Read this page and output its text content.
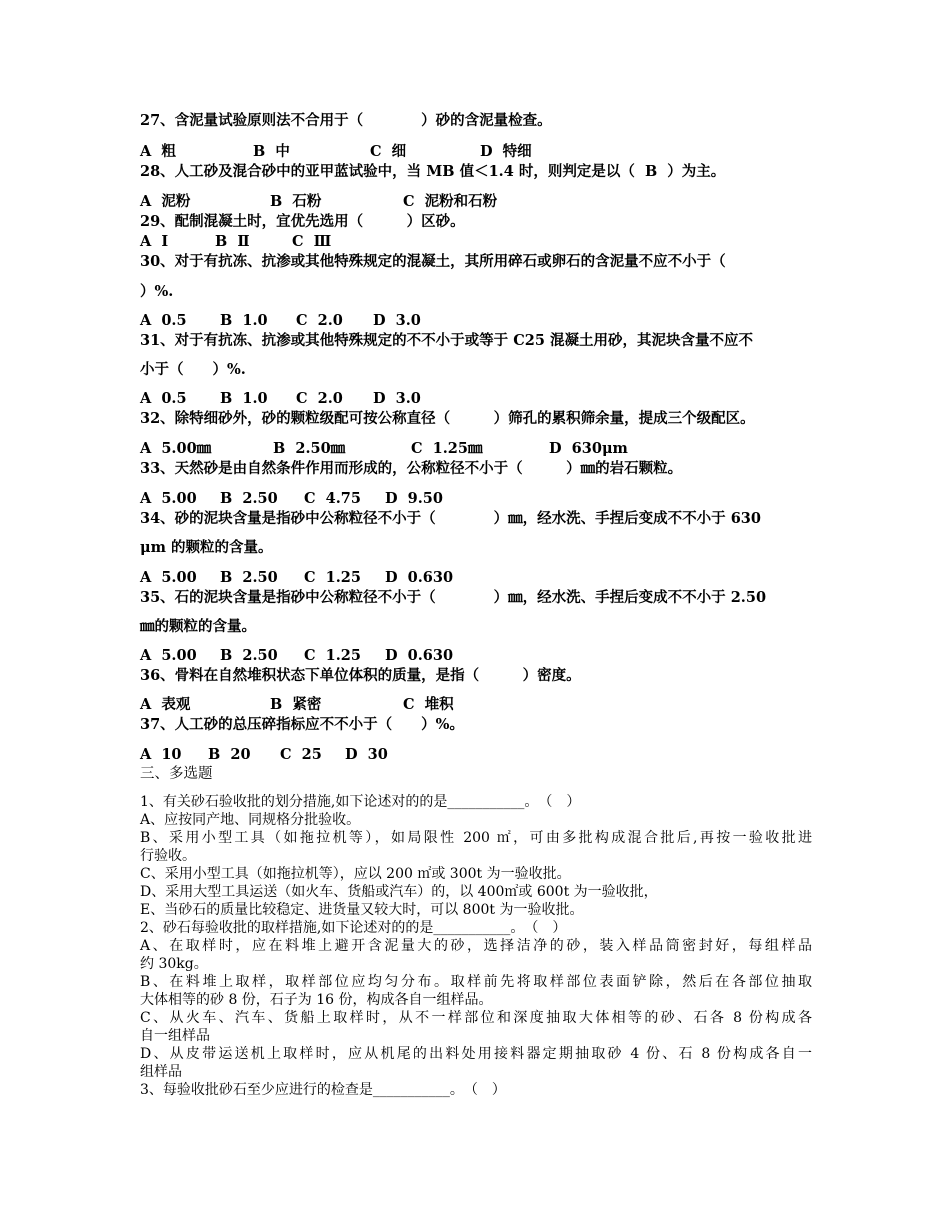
27、含泥量试验原则法不合用于（　　　　）砂的含泥量检查。
A  粗	B  中	C  细	D  特细
28、人工砂及混合砂中的亚甲蓝试验中，当 MB 值＜1.4 时，则判定是以（  B  ）为主。
A  泥粉	B  石粉	C  泥粉和石粉
29、配制混凝土时，宜优先选用（　　　）区砂。
A  Ⅰ	B  Ⅱ	C  Ⅲ
30、对于有抗冻、抗渗或其他特殊规定的混凝土，其所用碎石或卵石的含泥量不应不小于（
）%.
A  0.5	B  1.0	C  2.0	D  3.0
31、对于有抗冻、抗渗或其他特殊规定的不不小于或等于 C25 混凝土用砂，其泥块含量不应不
小于（　　）%.
A  0.5	B  1.0	C  2.0	D  3.0
32、除特细砂外，砂的颗粒级配可按公称直径（　　　）筛孔的累积筛余量，提成三个级配区。
A  5.00㎜	B  2.50㎜	C  1.25㎜	D  630μm
33、天然砂是由自然条件作用而形成的，公称粒径不小于（　　　）㎜的岩石颗粒。
A  5.00	B  2.50	C  4.75	D  9.50
34、砂的泥块含量是指砂中公称粒径不小于（　　　　）㎜，经水洗、手捏后变成不不小于 630
μm 的颗粒的含量。
A  5.00	B  2.50	C  1.25	D  0.630
35、石的泥块含量是指砂中公称粒径不小于（　　　　）㎜，经水洗、手捏后变成不不小于 2.50
㎜的颗粒的含量。
A  5.00	B  2.50	C  1.25	D  0.630
36、骨料在自然堆积状态下单位体积的质量，是指（　　　）密度。
A  表观	B  紧密	C  堆积
37、人工砂的总压碎指标应不不小于（　　）%。
A  10	B  20	C  25	D  30
三、多选题
1、有关砂石验收批的划分措施,如下论述对的的是___________。　（　）
A、应按同产地、同规格分批验收。
B、采用小型工具（如拖拉机等），如局限性 200 ㎡，可由多批构成混合批后,再按一验收批进
行验收。
C、采用小型工具（如拖拉机等），应以 200 ㎡或 300t 为一验收批。
D、采用大型工具运送（如火车、货船或汽车）的，以 400㎡或 600t 为一验收批，
E、当砂石的质量比较稳定、进货量又较大时，可以 800t 为一验收批。
2、砂石每验收批的取样措施,如下论述对的的是___________。　（　）
A、在取样时，应在料堆上避开含泥量大的砂，选择洁净的砂，装入样品筒密封好，每组样品
约 30kg。
B、在料堆上取样，取样部位应均匀分布。取样前先将取样部位表面铲除，然后在各部位抽取
大体相等的砂 8 份，石子为 16 份，构成各自一组样品。
C、从火车、汽车、货船上取样时，从不一样部位和深度抽取大体相等的砂、石各 8 份构成各
自一组样品
D、从皮带运送机上取样时，应从机尾的出料处用接料器定期抽取砂 4 份、石 8 份构成各自一
组样品
3、每验收批砂石至少应进行的检查是___________。　（　）
